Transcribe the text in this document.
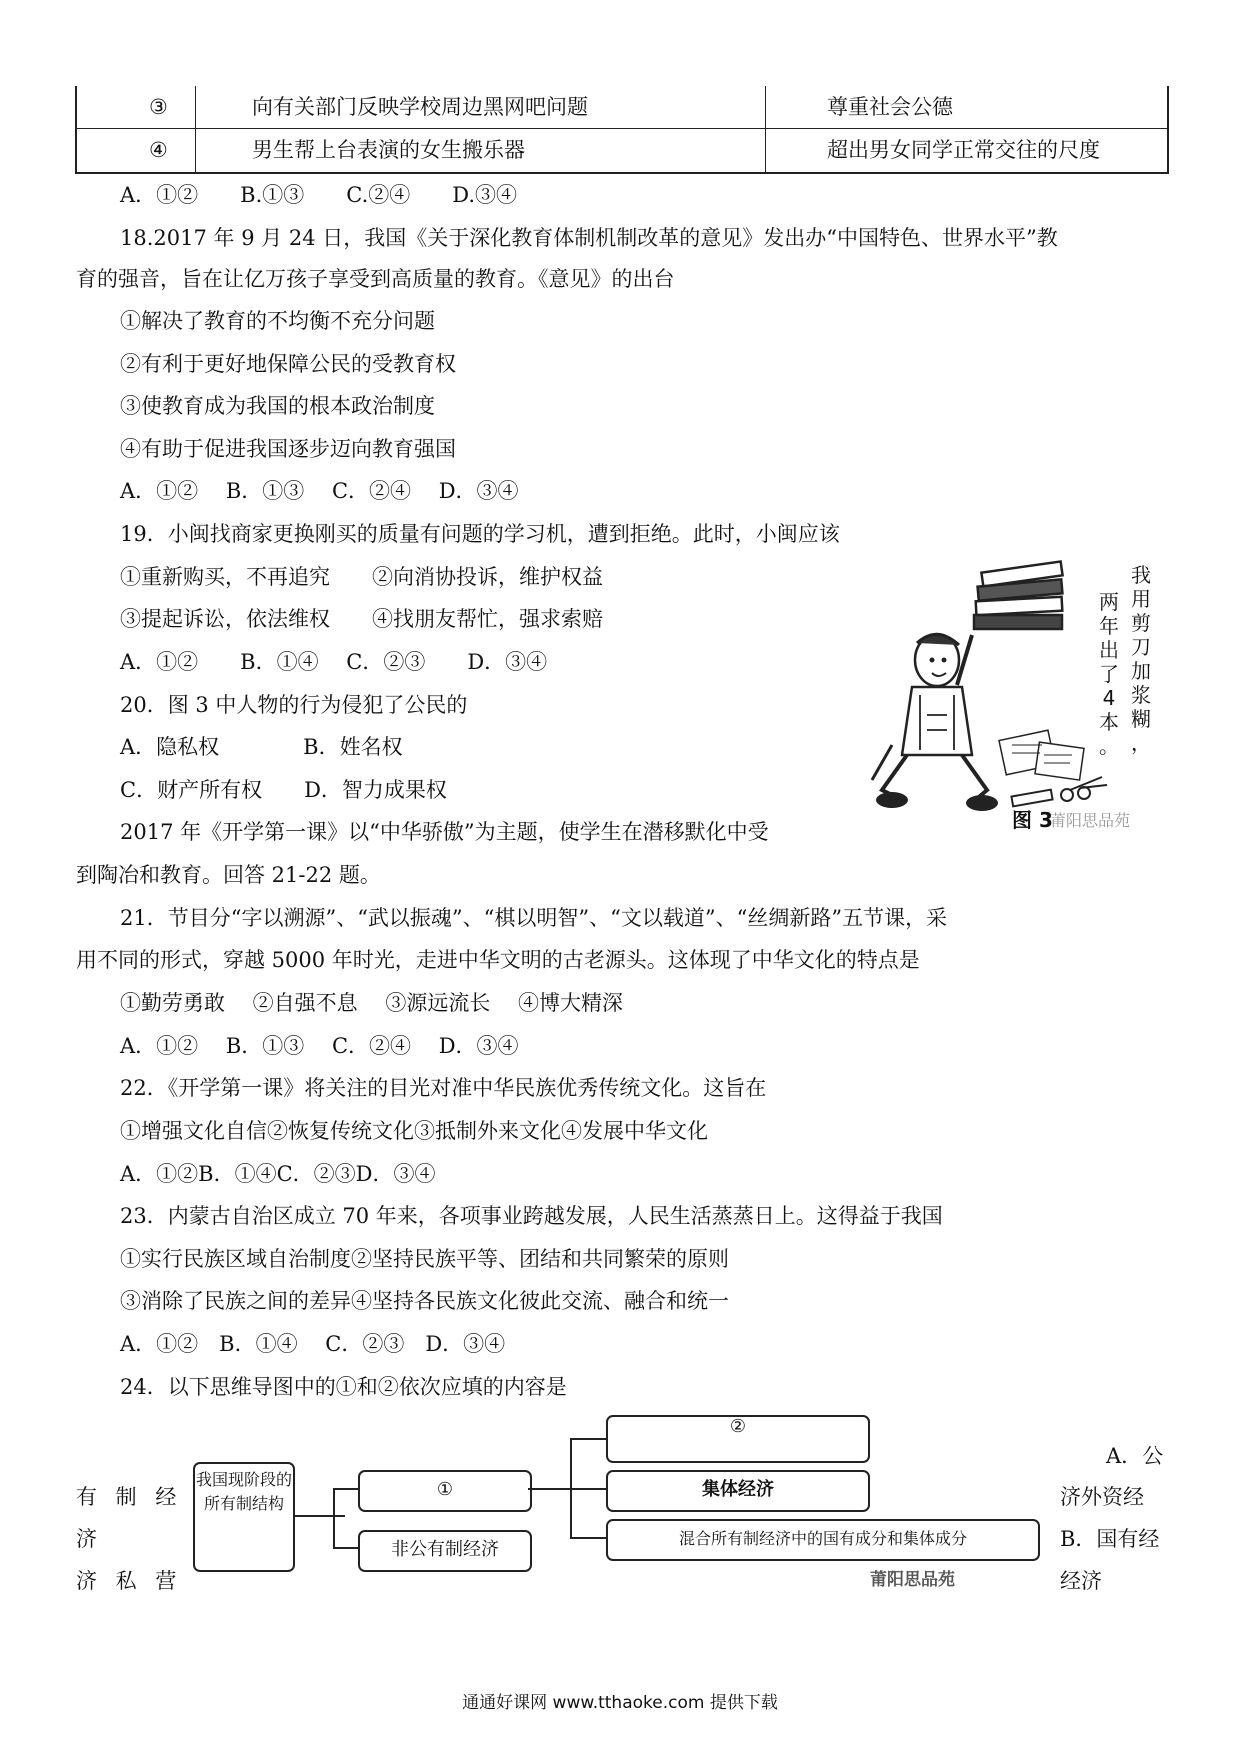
③	向有关部门反映学校周边黑网吧问题	尊重社会公德
④	男生帮上台表演的女生搬乐器	超出男女同学正常交往的尺度
A．①②　　B.①③　　C.②④　　D.③④
18.2017 年 9 月 24 日，我国《关于深化教育体制机制改革的意见》发出办“中国特色、世界水平”教
育的强音，旨在让亿万孩子享受到高质量的教育。《意见》的出台
①解决了教育的不均衡不充分问题
②有利于更好地保障公民的受教育权
③使教育成为我国的根本政治制度
④有助于促进我国逐步迈向教育强国
A．①②　 B．①③　 C．②④　 D．③④
19．小闽找商家更换刚买的质量有问题的学习机，遭到拒绝。此时，小闽应该
①重新购买，不再追究　　②向消协投诉，维护权益
③提起诉讼，依法维权　　④找朋友帮忙，强求索赔
A．①②　　B．①④　 C．②③　　D．③④
20．图 3 中人物的行为侵犯了公民的
A．隐私权　　　　B．姓名权
C．财产所有权　　D．智力成果权
我
用
剪
刀
加
浆
糊
，
两
年
出
了
4
本
。
图 3
莆阳思品苑
2017 年《开学第一课》以“中华骄傲”为主题，使学生在潜移默化中受
到陶冶和教育。回答 21-22 题。
21．节目分“字以溯源”、“武以振魂”、“棋以明智”、“文以载道”、“丝绸新路”五节课，采
用不同的形式，穿越 5000 年时光，走进中华文明的古老源头。这体现了中华文化的特点是
①勤劳勇敢　 ②自强不息　 ③源远流长　 ④博大精深
A．①②　 B．①③　 C．②④　 D．③④
22．《开学第一课》将关注的目光对准中华民族优秀传统文化。这旨在
①增强文化自信②恢复传统文化③抵制外来文化④发展中华文化
A．①②B．①④C．②③D．③④
23．内蒙古自治区成立 70 年来，各项事业跨越发展，人民生活蒸蒸日上。这得益于我国
①实行民族区域自治制度②坚持民族平等、团结和共同繁荣的原则
③消除了民族之间的差异④坚持各民族文化彼此交流、融合和统一
A．①②　B．①④　 C．②③　D．③④
24．以下思维导图中的①和②依次应填的内容是
我国现阶段的所有制结构
①
非公有制经济
②
集体经济
混合所有制经济中的国有成分和集体成分
莆阳思品苑
有 制 经
济
济 私 营
A．公
济外资经
B．国有经
经济
通通好课网 www.tthaoke.com 提供下载
